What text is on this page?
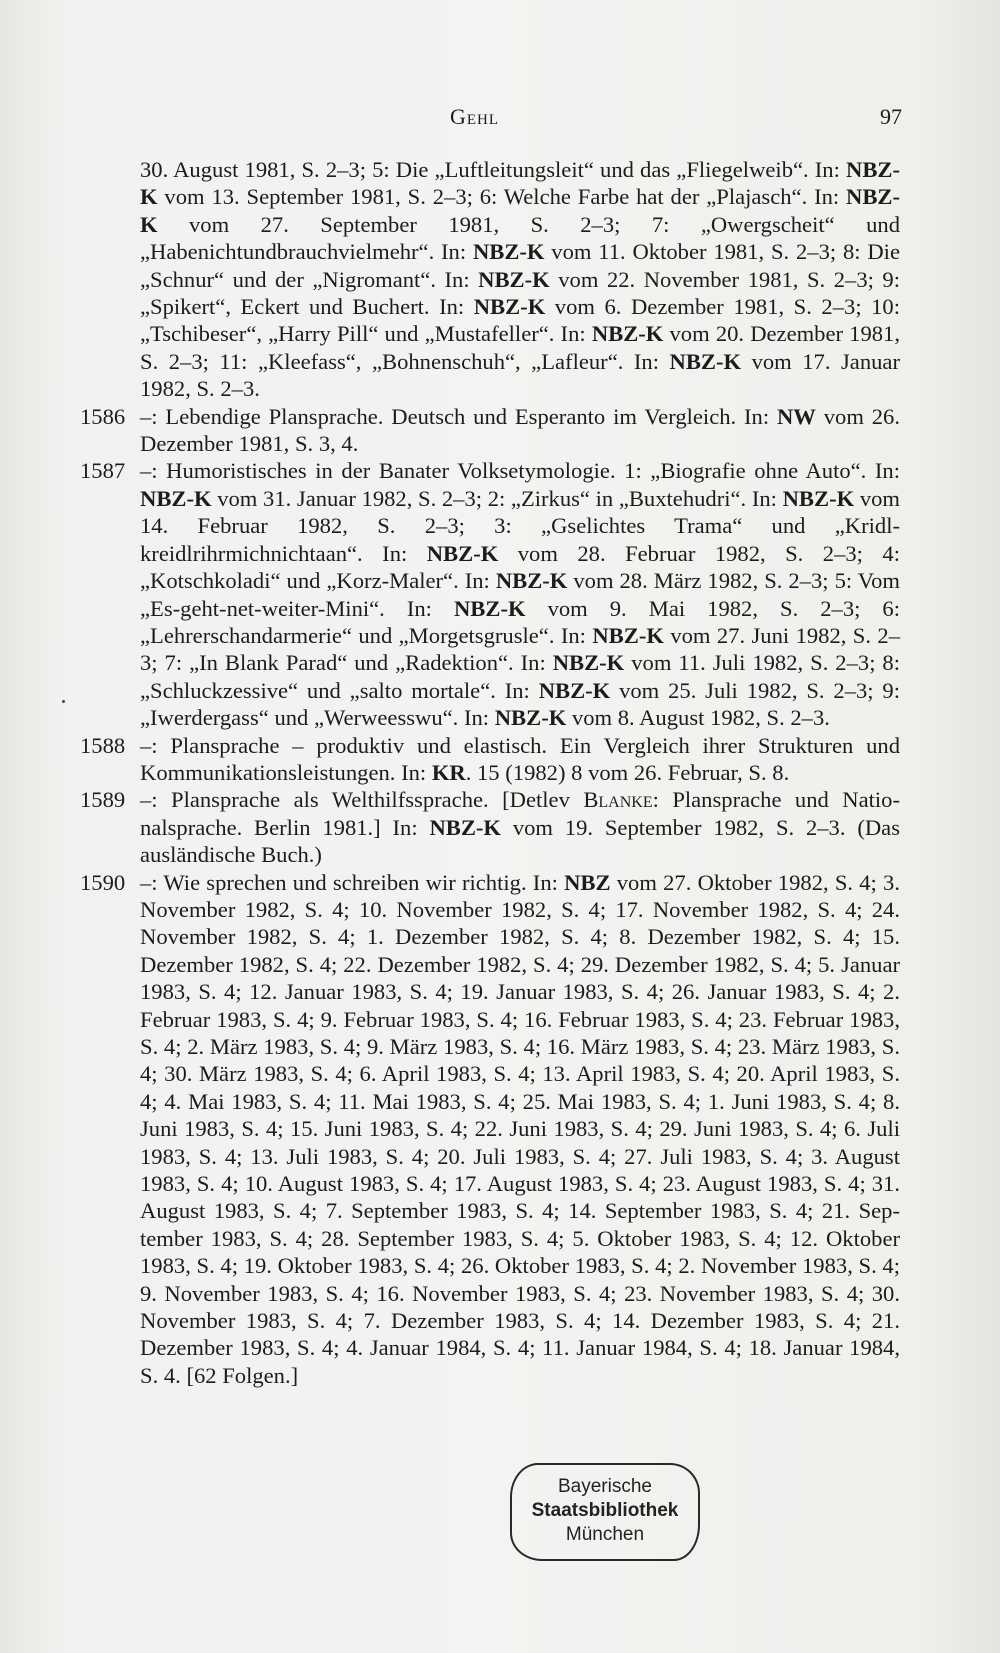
Gehl	97
30. August 1981, S. 2–3; 5: Die „Luftleitungsleit“ und das „Fliegelweib“. In: NBZ-K vom 13. September 1981, S. 2–3; 6: Welche Farbe hat der „Plajasch“. In: NBZ-K vom 27. September 1981, S. 2–3; 7: „Owergscheit“ und „Habenichtundbrauchvielmehr“. In: NBZ-K vom 11. Oktober 1981, S. 2–3; 8: Die „Schnur“ und der „Nigromant“. In: NBZ-K vom 22. November 1981, S. 2–3; 9: „Spikert“, Eckert und Buchert. In: NBZ-K vom 6. Dezember 1981, S. 2–3; 10: „Tschibeser“, „Harry Pill“ und „Mustafeller“. In: NBZ-K vom 20. Dezember 1981, S. 2–3; 11: „Kleefass“, „Bohnenschuh“, „Lafleur“. In: NBZ-K vom 17. Januar 1982, S. 2–3.
1586 –: Lebendige Plansprache. Deutsch und Esperanto im Vergleich. In: NW vom 26. Dezember 1981, S. 3, 4.
1587 –: Humoristisches in der Banater Volksetymologie. 1: „Biografie ohne Auto“. In: NBZ-K vom 31. Januar 1982, S. 2–3; 2: „Zirkus“ in „Buxtehudri“. In: NBZ-K vom 14. Februar 1982, S. 2–3; 3: „Gselichtes Trama“ und „Kridlkreidlrihrmichnichtaan“. In: NBZ-K vom 28. Februar 1982, S. 2–3; 4: „Kotschkoladi“ und „Korz-Maler“. In: NBZ-K vom 28. März 1982, S. 2–3; 5: Vom „Es-geht-net-weiter-Mini“. In: NBZ-K vom 9. Mai 1982, S. 2–3; 6: „Lehrerschandarmerie“ und „Morgetsgrusle“. In: NBZ-K vom 27. Juni 1982, S. 2–3; 7: „In Blank Parad“ und „Radektion“. In: NBZ-K vom 11. Juli 1982, S. 2–3; 8: „Schluckzessive“ und „salto mortale“. In: NBZ-K vom 25. Juli 1982, S. 2–3; 9: „Iwerdergass“ und „Werweesswu“. In: NBZ-K vom 8. August 1982, S. 2–3.
1588 –: Plansprache – produktiv und elastisch. Ein Vergleich ihrer Strukturen und Kommunikationsleistungen. In: KR. 15 (1982) 8 vom 26. Februar, S. 8.
1589 –: Plansprache als Welthilfssprache. [Detlev Blanke: Plansprache und Nationalsprache. Berlin 1981.] In: NBZ-K vom 19. September 1982, S. 2–3. (Das ausländische Buch.)
1590 –: Wie sprechen und schreiben wir richtig. In: NBZ vom 27. Oktober 1982, S. 4; 3. November 1982, S. 4; 10. November 1982, S. 4; 17. November 1982, S. 4; 24. November 1982, S. 4; 1. Dezember 1982, S. 4; 8. Dezember 1982, S. 4; 15. Dezember 1982, S. 4; 22. Dezember 1982, S. 4; 29. Dezember 1982, S. 4; 5. Januar 1983, S. 4; 12. Januar 1983, S. 4; 19. Januar 1983, S. 4; 26. Januar 1983, S. 4; 2. Februar 1983, S. 4; 9. Februar 1983, S. 4; 16. Februar 1983, S. 4; 23. Februar 1983, S. 4; 2. März 1983, S. 4; 9. März 1983, S. 4; 16. März 1983, S. 4; 23. März 1983, S. 4; 30. März 1983, S. 4; 6. April 1983, S. 4; 13. April 1983, S. 4; 20. April 1983, S. 4; 4. Mai 1983, S. 4; 11. Mai 1983, S. 4; 25. Mai 1983, S. 4; 1. Juni 1983, S. 4; 8. Juni 1983, S. 4; 15. Juni 1983, S. 4; 22. Juni 1983, S. 4; 29. Juni 1983, S. 4; 6. Juli 1983, S. 4; 13. Juli 1983, S. 4; 20. Juli 1983, S. 4; 27. Juli 1983, S. 4; 3. August 1983, S. 4; 10. August 1983, S. 4; 17. August 1983, S. 4; 23. August 1983, S. 4; 31. August 1983, S. 4; 7. September 1983, S. 4; 14. September 1983, S. 4; 21. September 1983, S. 4; 28. September 1983, S. 4; 5. Oktober 1983, S. 4; 12. Oktober 1983, S. 4; 19. Oktober 1983, S. 4; 26. Oktober 1983, S. 4; 2. November 1983, S. 4; 9. November 1983, S. 4; 16. November 1983, S. 4; 23. November 1983, S. 4; 30. November 1983, S. 4; 7. Dezember 1983, S. 4; 14. Dezember 1983, S. 4; 21. Dezember 1983, S. 4; 4. Januar 1984, S. 4; 11. Januar 1984, S. 4; 18. Januar 1984, S. 4. [62 Folgen.]
Bayerische
Staatsbibliothek
München
